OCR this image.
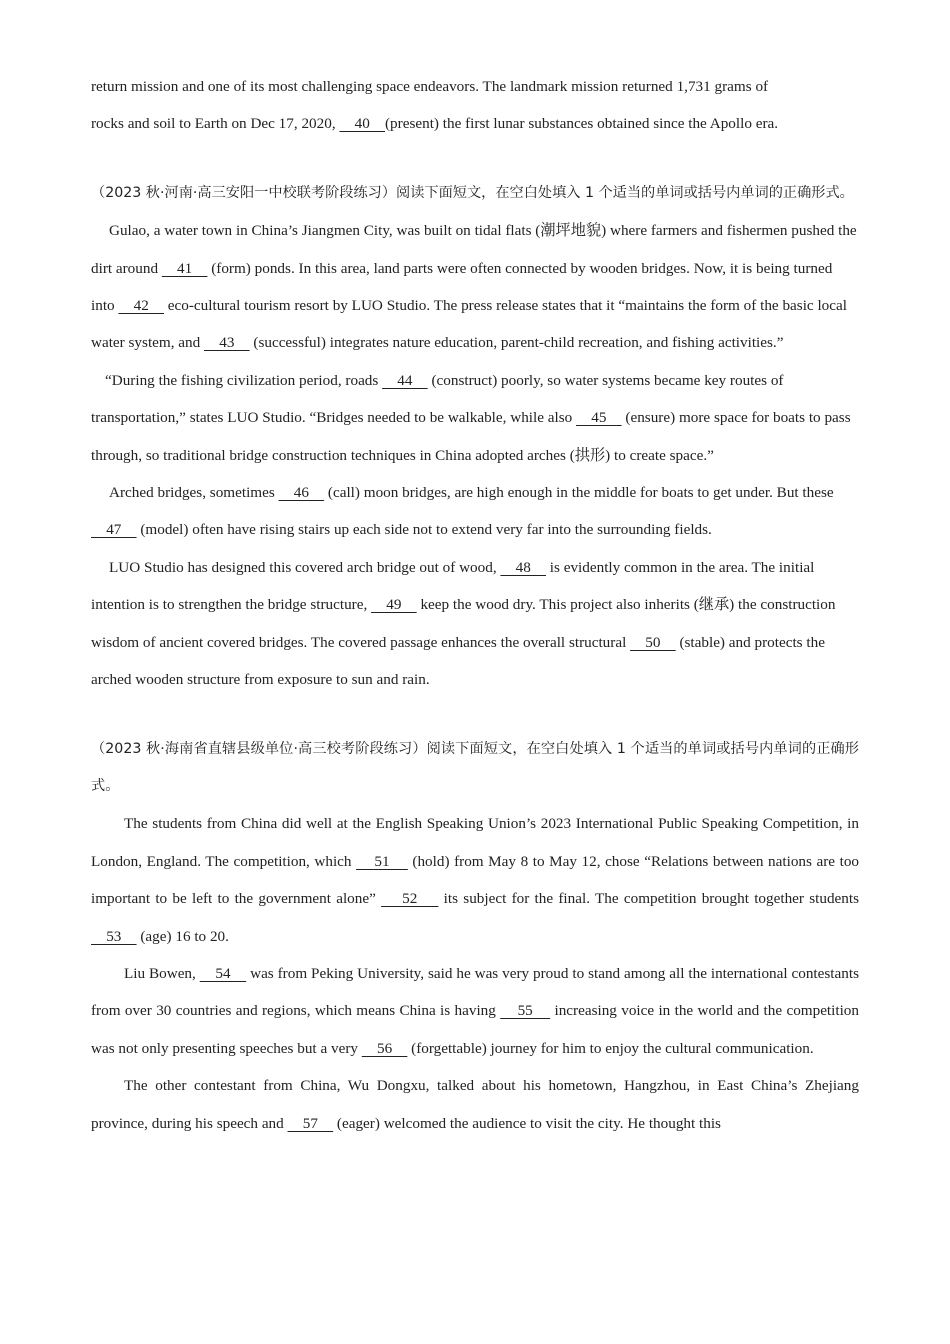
return mission and one of its most challenging space endeavors. The landmark mission returned 1,731 grams of
rocks and soil to Earth on Dec 17, 2020,     40    (present) the first lunar substances obtained since the Apollo era.

（2023 秋·河南·高三安阳一中校联考阶段练习）阅读下面短文，在空白处填入 1 个适当的单词或括号内单词的正确形式。

Gulao, a water town in China’s Jiangmen City, was built on tidal flats (潮坪地貌) where farmers and fishermen pushed the dirt around     41     (form) ponds. In this area, land parts were often connected by wooden bridges. Now, it is being turned into     42     eco-cultural tourism resort by LUO Studio. The press release states that it “maintains the form of the basic local water system, and     43     (successful) integrates nature education, parent-child recreation, and fishing activities.”

“During the fishing civilization period, roads     44     (construct) poorly, so water systems became key routes of transportation,” states LUO Studio. “Bridges needed to be walkable, while also     45     (ensure) more space for boats to pass through, so traditional bridge construction techniques in China adopted arches (拱形) to create space.”

Arched bridges, sometimes     46     (call) moon bridges, are high enough in the middle for boats to get under. But these     47     (model) often have rising stairs up each side not to extend very far into the surrounding fields.

LUO Studio has designed this covered arch bridge out of wood,     48     is evidently common in the area. The initial intention is to strengthen the bridge structure,     49     keep the wood dry. This project also inherits (继承) the construction wisdom of ancient covered bridges. The covered passage enhances the overall structural     50     (stable) and protects the arched wooden structure from exposure to sun and rain.

（2023 秋·海南省直辖县级单位·高三校考阶段练习）阅读下面短文，在空白处填入 1 个适当的单词或括号内单词的正确形式。

The students from China did well at the English Speaking Union’s 2023 International Public Speaking Competition, in London, England. The competition, which     51     (hold) from May 8 to May 12, chose “Relations between nations are too important to be left to the government alone”     52     its subject for the final. The competition brought together students     53     (age) 16 to 20.

Liu Bowen,     54     was from Peking University, said he was very proud to stand among all the international contestants from over 30 countries and regions, which means China is having     55     increasing voice in the world and the competition was not only presenting speeches but a very     56     (forgettable) journey for him to enjoy the cultural communication.

The other contestant from China, Wu Dongxu, talked about his hometown, Hangzhou, in East China’s Zhejiang province, during his speech and     57     (eager) welcomed the audience to visit the city. He thought this
